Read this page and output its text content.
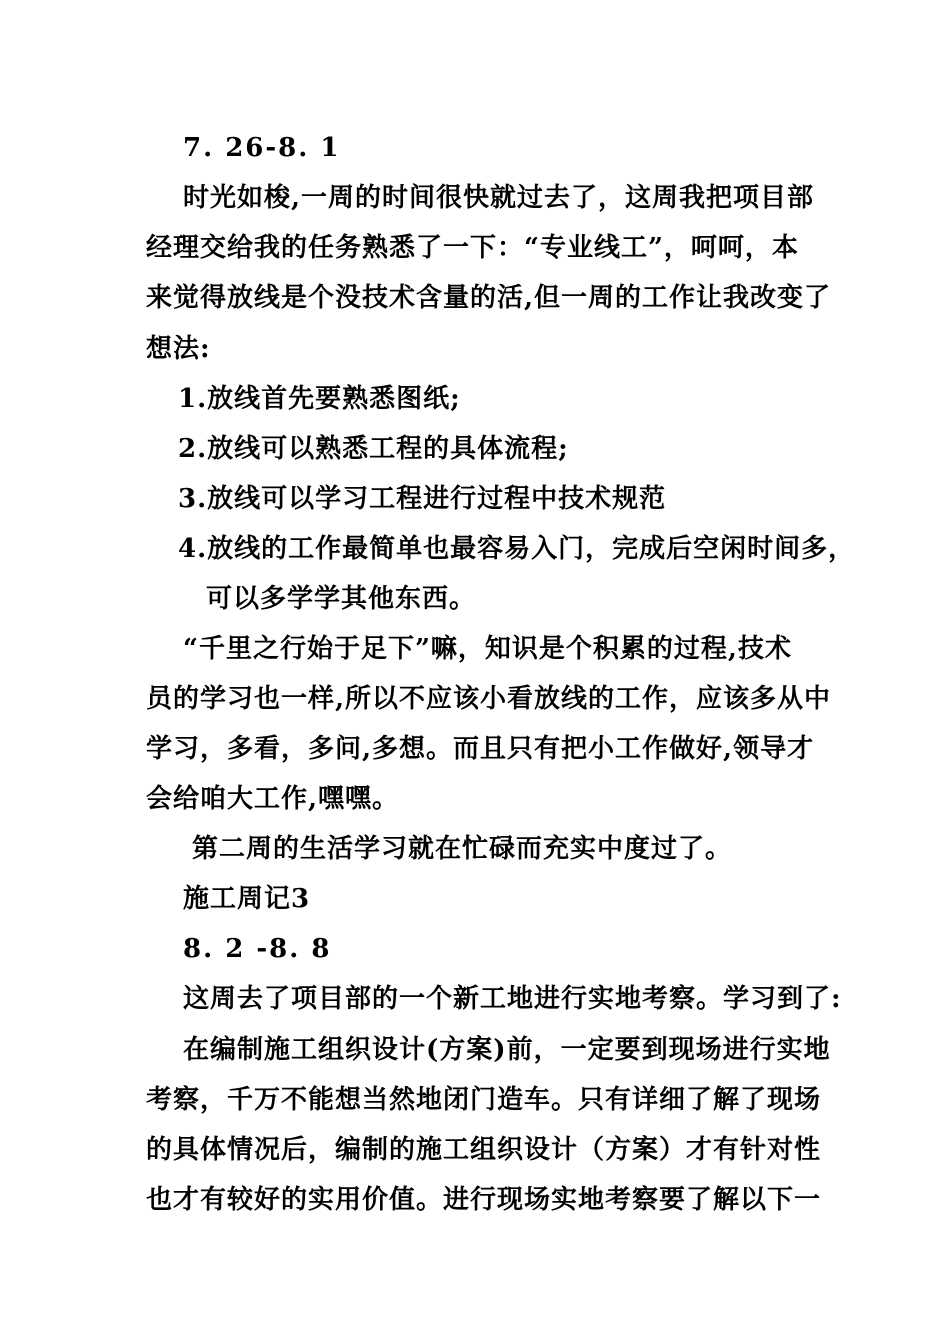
7. 26-8. 1
时光如梭,一周的时间很快就过去了，这周我把项目部
经理交给我的任务熟悉了一下：“专业线工”，呵呵，本
来觉得放线是个没技术含量的活,但一周的工作让我改变了
想法:
1.放线首先要熟悉图纸;
2.放线可以熟悉工程的具体流程;
3.放线可以学习工程进行过程中技术规范
4.放线的工作最简单也最容易入门，完成后空闲时间多，
可以多学学其他东西。
“千里之行始于足下”嘛，知识是个积累的过程,技术
员的学习也一样,所以不应该小看放线的工作，应该多从中
学习，多看，多问,多想。而且只有把小工作做好,领导才
会给咱大工作,嘿嘿。
第二周的生活学习就在忙碌而充实中度过了。
施工周记3
8. 2 -8. 8
这周去了项目部的一个新工地进行实地考察。学习到了:
在编制施工组织设计(方案)前，一定要到现场进行实地
考察，千万不能想当然地闭门造车。只有详细了解了现场
的具体情况后，编制的施工组织设计（方案）才有针对性
也才有较好的实用价值。进行现场实地考察要了解以下一
